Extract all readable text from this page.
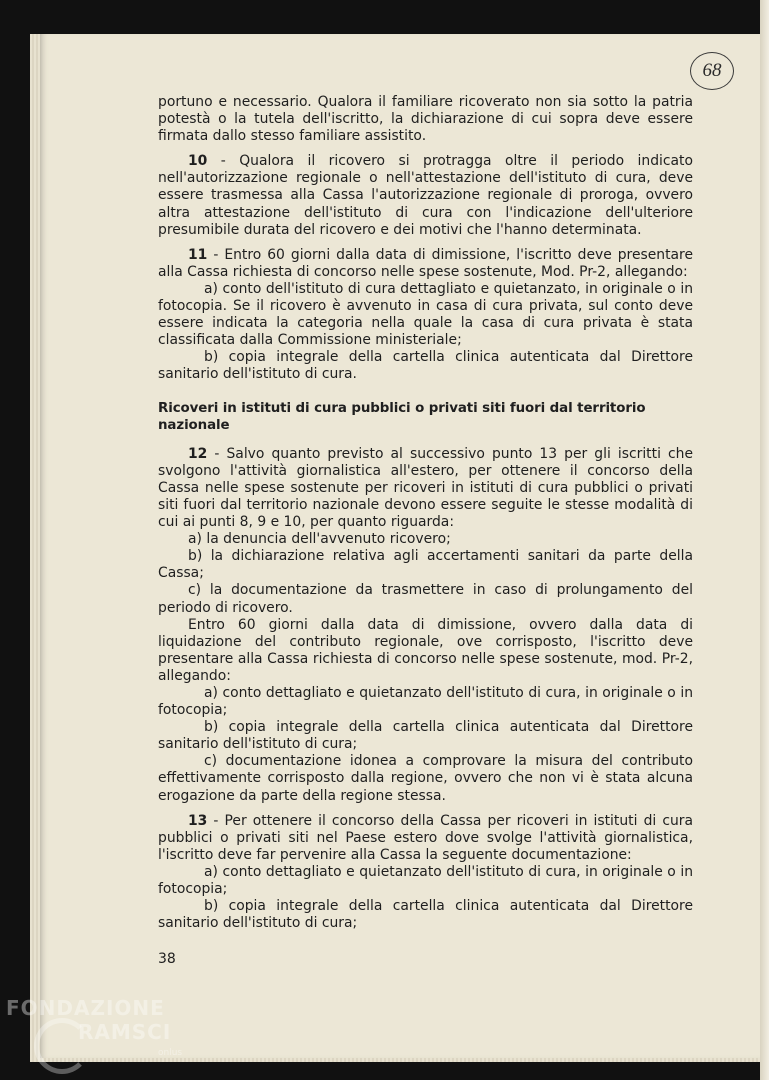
68

portuno e necessario. Qualora il familiare ricoverato non sia sotto la patria potestà o la tutela dell'iscritto, la dichiarazione di cui sopra deve essere firmata dallo stesso familiare assistito.

10 - Qualora il ricovero si protragga oltre il periodo indicato nell'autorizzazione regionale o nell'attestazione dell'istituto di cura, deve essere trasmessa alla Cassa l'autorizzazione regionale di proroga, ovvero altra attestazione dell'istituto di cura con l'indicazione dell'ulteriore presumibile durata del ricovero e dei motivi che l'hanno determinata.

11 - Entro 60 giorni dalla data di dimissione, l'iscritto deve presentare alla Cassa richiesta di concorso nelle spese sostenute, Mod. Pr-2, allegando:

a) conto dell'istituto di cura dettagliato e quietanzato, in originale o in fotocopia. Se il ricovero è avvenuto in casa di cura privata, sul conto deve essere indicata la categoria nella quale la casa di cura privata è stata classificata dalla Commissione ministeriale;

b) copia integrale della cartella clinica autenticata dal Direttore sanitario dell'istituto di cura.

Ricoveri in istituti di cura pubblici o privati siti fuori dal territorio nazionale

12 - Salvo quanto previsto al successivo punto 13 per gli iscritti che svolgono l'attività giornalistica all'estero, per ottenere il concorso della Cassa nelle spese sostenute per ricoveri in istituti di cura pubblici o privati siti fuori dal territorio nazionale devono essere seguite le stesse modalità di cui ai punti 8, 9 e 10, per quanto riguarda:

a) la denuncia dell'avvenuto ricovero;

b) la dichiarazione relativa agli accertamenti sanitari da parte della Cassa;

c) la documentazione da trasmettere in caso di prolungamento del periodo di ricovero.

Entro 60 giorni dalla data di dimissione, ovvero dalla data di liquidazione del contributo regionale, ove corrisposto, l'iscritto deve presentare alla Cassa richiesta di concorso nelle spese sostenute, mod. Pr-2, allegando:

a) conto dettagliato e quietanzato dell'istituto di cura, in originale o in fotocopia;

b) copia integrale della cartella clinica autenticata dal Direttore sanitario dell'istituto di cura;

c) documentazione idonea a comprovare la misura del contributo effettivamente corrisposto dalla regione, ovvero che non vi è stata alcuna erogazione da parte della regione stessa.

13 - Per ottenere il concorso della Cassa per ricoveri in istituti di cura pubblici o privati siti nel Paese estero dove svolge l'attività giornalistica, l'iscritto deve far pervenire alla Cassa la seguente documentazione:

a) conto dettagliato e quietanzato dell'istituto di cura, in originale o in fotocopia;

b) copia integrale della cartella clinica autenticata dal Direttore sanitario dell'istituto di cura;

38
FONDAZIONE
RAMSCI
onlus
